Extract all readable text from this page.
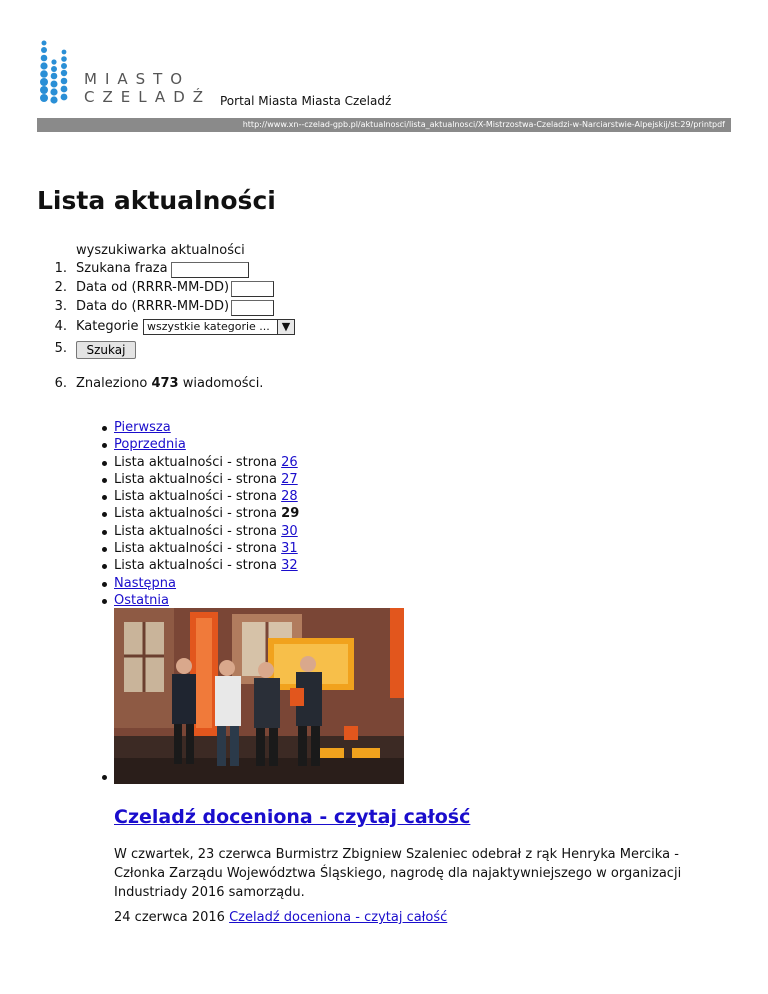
MIASTO
CZELADŹ Portal Miasta Miasta Czeladź
http://www.xn--czelad-gpb.pl/aktualnosci/lista_aktualnosci/X-Mistrzostwa-Czeladzi-w-Narciarstwie-Alpejskij/st:29/printpdf
Lista aktualności
wyszukiwarka aktualności
1. Szukana fraza
2. Data od (RRRR-MM-DD)
3. Data do (RRRR-MM-DD)
4. Kategorie wszystkie kategorie ...	▼
5.	Szukaj
6. Znaleziono 473 wiadomości.
Pierwsza
Poprzednia
Lista aktualności - strona 26
Lista aktualności - strona 27
Lista aktualności - strona 28
Lista aktualności - strona 29
Lista aktualności - strona 30
Lista aktualności - strona 31
Lista aktualności - strona 32
Następna
Ostatnia
Czeladź doceniona - czytaj całość

W czwartek, 23 czerwca Burmistrz Zbigniew Szaleniec odebrał z rąk Henryka Mercika - Członka Zarządu Województwa Śląskiego, nagrodę dla najaktywniejszego w organizacji Industriady 2016 samorządu.

24 czerwca 2016 Czeladź doceniona - czytaj całość
